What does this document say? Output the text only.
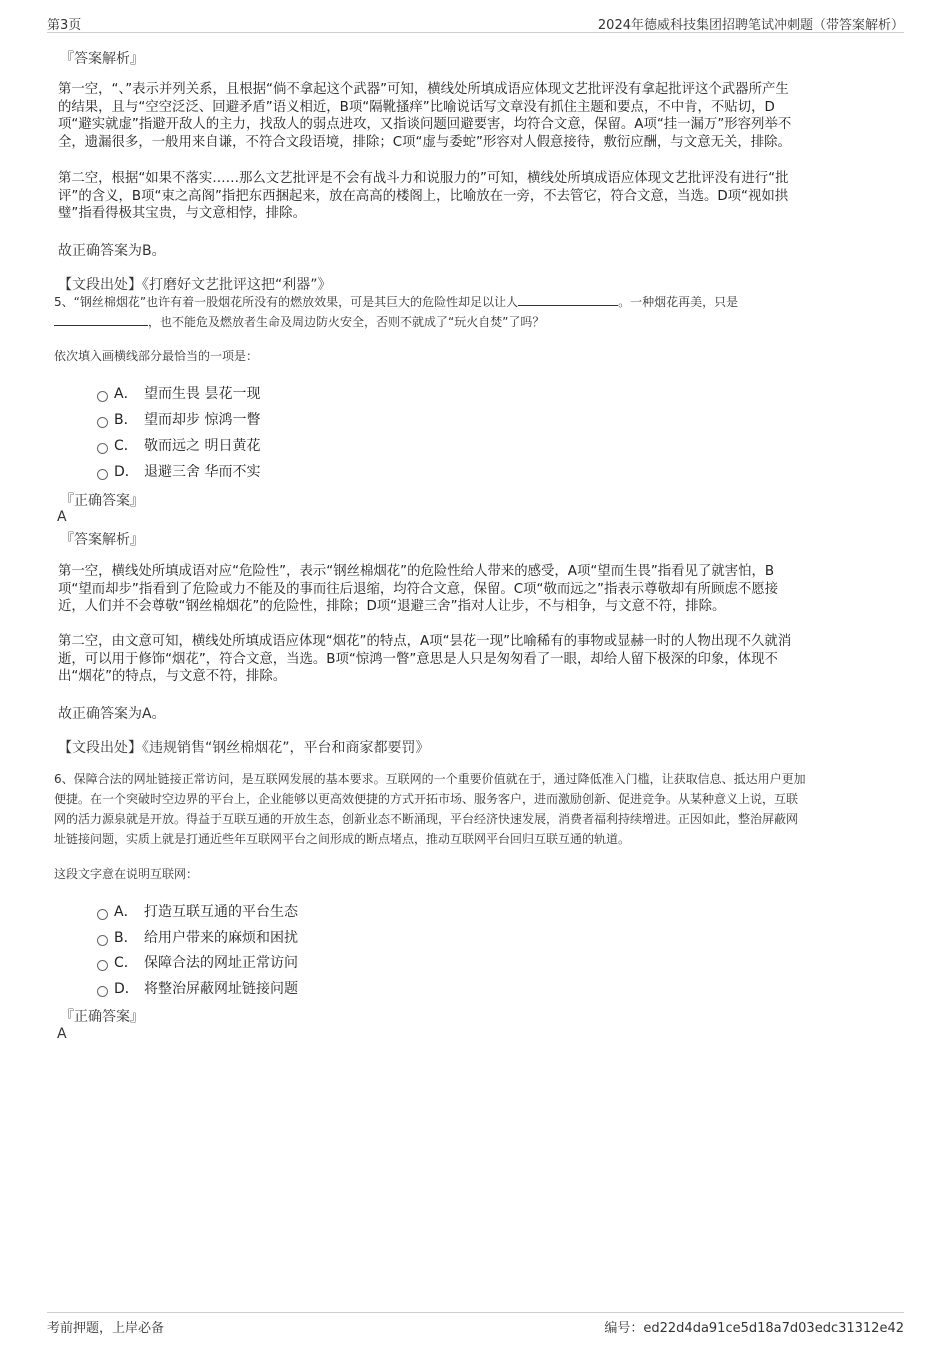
第3页	2024年德威科技集团招聘笔试冲刺题（带答案解析）
『答案解析』
第一空，“、”表示并列关系，且根据“倘不拿起这个武器”可知，横线处所填成语应体现文艺批评没有拿起批评这个武器所产生
的结果，且与“空空泛泛、回避矛盾”语义相近，B项“隔靴搔痒”比喻说话写文章没有抓住主题和要点，不中肯，不贴切，D
项“避实就虚”指避开敌人的主力，找敌人的弱点进攻，又指谈问题回避要害，均符合文意，保留。A项“挂一漏万”形容列举不
全，遗漏很多，一般用来自谦，不符合文段语境，排除；C项“虚与委蛇”形容对人假意接待，敷衍应酬，与文意无关，排除。
第二空，根据“如果不落实……那么文艺批评是不会有战斗力和说服力的”可知，横线处所填成语应体现文艺批评没有进行“批
评”的含义，B项“束之高阁”指把东西捆起来，放在高高的楼阁上，比喻放在一旁，不去管它，符合文意，当选。D项“视如拱
璧”指看得极其宝贵，与文意相悖，排除。
故正确答案为B。
【文段出处】《打磨好文艺批评这把“利器”》
5、“钢丝棉烟花”也许有着一股烟花所没有的燃放效果，可是其巨大的危险性却足以让人	。一种烟花再美，只是
，也不能危及燃放者生命及周边防火安全，否则不就成了“玩火自焚”了吗？
依次填入画横线部分最恰当的一项是：
A． 望而生畏 昙花一现
B． 望而却步 惊鸿一瞥
C． 敬而远之 明日黄花
D． 退避三舍 华而不实
『正确答案』
A
『答案解析』
第一空，横线处所填成语对应“危险性”，表示“钢丝棉烟花”的危险性给人带来的感受，A项“望而生畏”指看见了就害怕，B
项“望而却步”指看到了危险或力不能及的事而往后退缩，均符合文意，保留。C项“敬而远之”指表示尊敬却有所顾虑不愿接
近，人们并不会尊敬“钢丝棉烟花”的危险性，排除；D项“退避三舍”指对人让步，不与相争，与文意不符，排除。
第二空，由文意可知，横线处所填成语应体现“烟花”的特点，A项“昙花一现”比喻稀有的事物或显赫一时的人物出现不久就消
逝，可以用于修饰“烟花”，符合文意，当选。B项“惊鸿一瞥”意思是人只是匆匆看了一眼，却给人留下极深的印象，体现不
出“烟花”的特点，与文意不符，排除。
故正确答案为A。
【文段出处】《违规销售“钢丝棉烟花”，平台和商家都要罚》
6、保障合法的网址链接正常访问，是互联网发展的基本要求。互联网的一个重要价值就在于，通过降低准入门槛，让获取信息、抵达用户更加
便捷。在一个突破时空边界的平台上，企业能够以更高效便捷的方式开拓市场、服务客户，进而激励创新、促进竞争。从某种意义上说，互联
网的活力源泉就是开放。得益于互联互通的开放生态，创新业态不断涌现，平台经济快速发展，消费者福利持续增进。正因如此，整治屏蔽网
址链接问题，实质上就是打通近些年互联网平台之间形成的断点堵点，推动互联网平台回归互联互通的轨道。
这段文字意在说明互联网：
A． 打造互联互通的平台生态
B． 给用户带来的麻烦和困扰
C． 保障合法的网址正常访问
D． 将整治屏蔽网址链接问题
『正确答案』
A
考前押题，上岸必备	编号：ed22d4da91ce5d18a7d03edc31312e42
